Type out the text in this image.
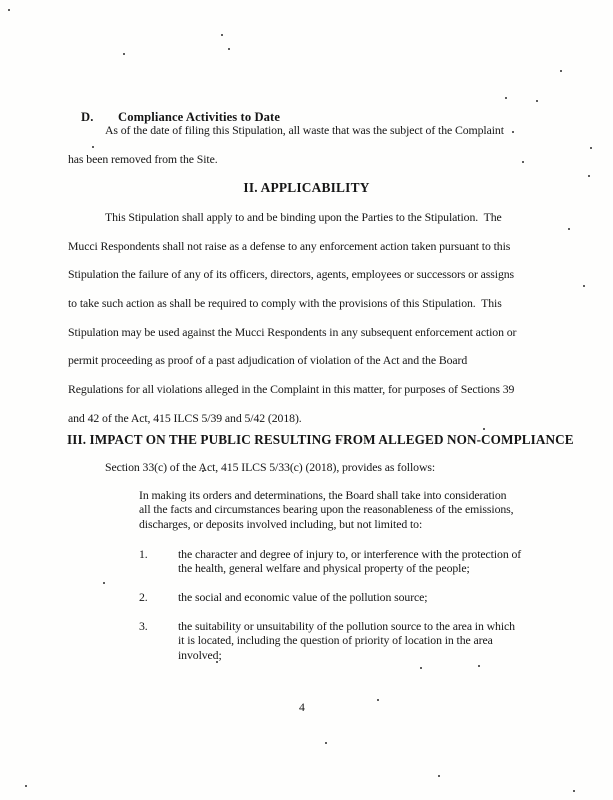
D. Compliance Activities to Date

As of the date of filing this Stipulation, all waste that was the subject of the Complaint
has been removed from the Site.
II. APPLICABILITY
This Stipulation shall apply to and be binding upon the Parties to the Stipulation.  The
Mucci Respondents shall not raise as a defense to any enforcement action taken pursuant to this
Stipulation the failure of any of its officers, directors, agents, employees or successors or assigns
to take such action as shall be required to comply with the provisions of this Stipulation.  This
Stipulation may be used against the Mucci Respondents in any subsequent enforcement action or
permit proceeding as proof of a past adjudication of violation of the Act and the Board
Regulations for all violations alleged in the Complaint in this matter, for purposes of Sections 39
and 42 of the Act, 415 ILCS 5/39 and 5/42 (2018).
III. IMPACT ON THE PUBLIC RESULTING FROM ALLEGED NON-COMPLIANCE
Section 33(c) of the Act, 415 ILCS 5/33(c) (2018), provides as follows:
In making its orders and determinations, the Board shall take into consideration
all the facts and circumstances bearing upon the reasonableness of the emissions,
discharges, or deposits involved including, but not limited to:
1.	the character and degree of injury to, or interference with the protection of
the health, general welfare and physical property of the people;
2.	the social and economic value of the pollution source;
3.	the suitability or unsuitability of the pollution source to the area in which
it is located, including the question of priority of location in the area
involved;
4
